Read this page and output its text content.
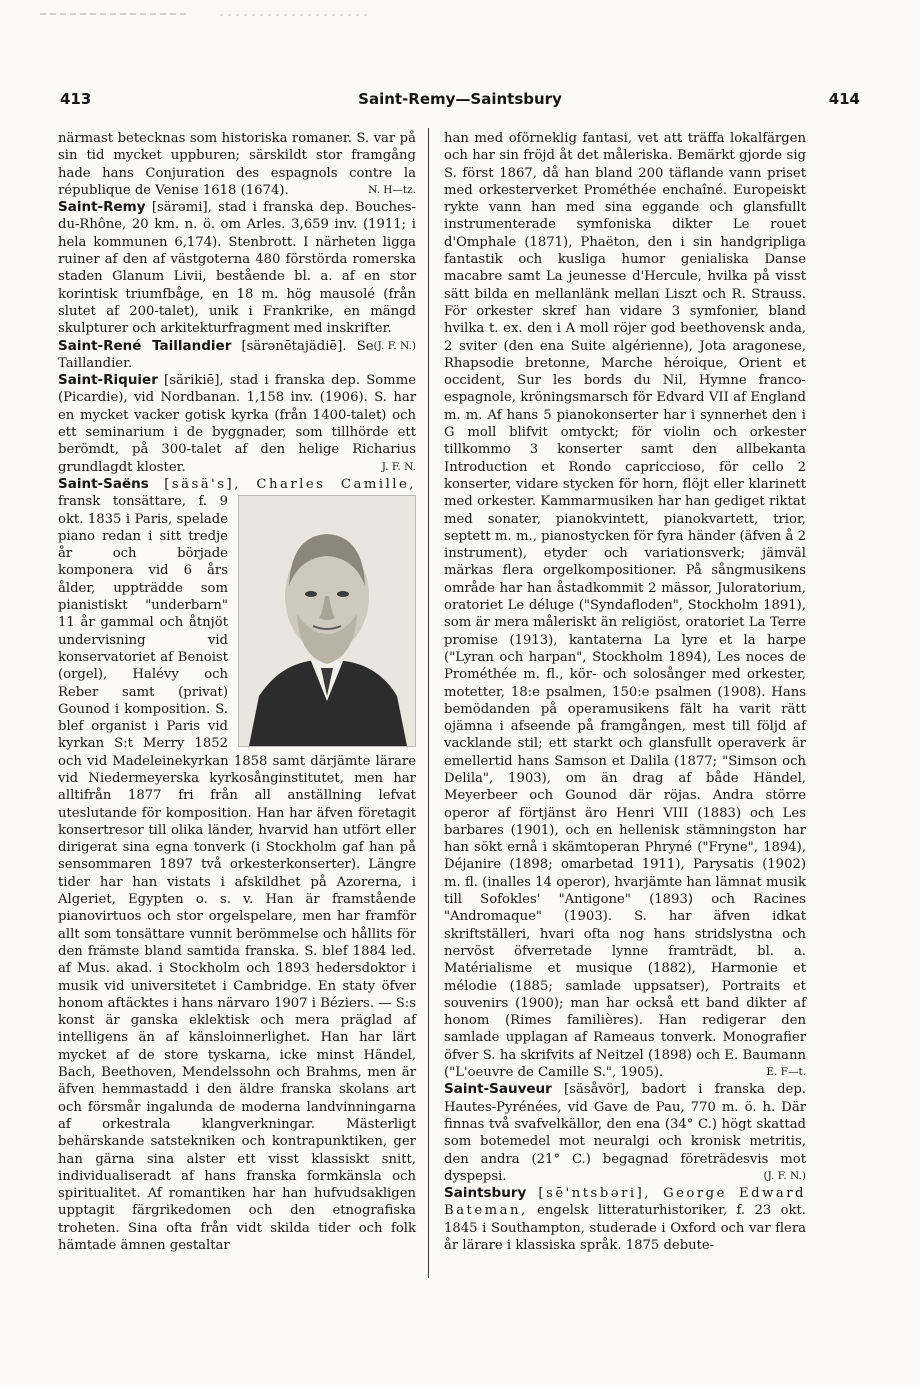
413	Saint-Remy—Saintsbury	414

närmast betecknas som historiska romaner. S. var på sin tid mycket uppburen; särskildt stor framgång hade hans Conjuration des espagnols contre la république de Venise 1618 (1674).	N. H—tz.

Saint-Remy [särəmi], stad i franska dep. Bouches-du-Rhône, 20 km. n. ö. om Arles. 3,659 inv. (1911; i hela kommunen 6,174). Stenbrott. I närheten ligga ruiner af den af västgoterna 480 förstörda romerska staden Glanum Livii, bestående bl. a. af en stor korintisk triumfbåge, en 18 m. hög mausolé (från slutet af 200-talet), unik i Frankrike, en mängd skulpturer och arkitekturfragment med inskrifter.
(J. F. N.)

Saint-René Taillandier [särənētajädiē]. Se Taillandier.

Saint-Riquier [särikiē], stad i franska dep. Somme (Picardie), vid Nordbanan. 1,158 inv. (1906). S. har en mycket vacker gotisk kyrka (från 1400-talet) och ett seminarium i de byggnader, som tillhörde ett berömdt, på 300-talet af den helige Richarius grundlagdt kloster.	J. F. N.

Saint-Saëns [säsä's], Charles Camille,
fransk tonsättare, f. 9 okt. 1835 i Paris, spelade piano redan i sitt tredje år och började komponera vid 6 års ålder, uppträdde som pianistiskt "underbarn" 11 år gammal och åtnjöt undervisning vid konservatoriet af Benoist (orgel), Halévy och Reber samt (privat) Gounod i komposition. S. blef organist i Paris vid kyrkan S:t Merry 1852 och vid Madeleinekyrkan 1858 samt därjämte lärare vid Niedermeyerska kyrkosånginstitutet, men har alltifrån 1877 fri från all anställning lefvat uteslutande för komposition. Han har äfven företagit konsertresor till olika länder, hvarvid han utfört eller dirigerat sina egna tonverk (i Stockholm gaf han på sensommaren 1897 två orkesterkonserter). Längre tider har han vistats i afskildhet på Azorerna, i Algeriet, Egypten o. s. v. Han är framstående pianovirtuos och stor orgelspelare, men har framför allt som tonsättare vunnit berömmelse och hållits för den främste bland samtida franska. S. blef 1884 led. af Mus. akad. i Stockholm och 1893 hedersdoktor i musik vid universitetet i Cambridge. En staty öfver honom aftäcktes i hans närvaro 1907 i Béziers. — S:s konst är ganska eklektisk och mera präglad af intelligens än af känsloinnerlighet. Han har lärt mycket af de store tyskarna, icke minst Händel, Bach, Beethoven, Mendelssohn och Brahms, men är äfven hemmastadd i den äldre franska skolans art och försmår ingalunda de moderna landvinningarna af orkestrala klangverkningar. Mästerligt behärskande satstekniken och kontrapunktiken, ger han gärna sina alster ett visst klassiskt snitt, individualiseradt af hans franska formkänsla och spiritualitet. Af romantiken har han hufvudsakligen upptagit färgrikedomen och den etnografiska troheten. Sina ofta från vidt skilda tider och folk hämtade ämnen gestaltar

han med oförneklig fantasi, vet att träffa lokalfärgen och har sin fröjd åt det måleriska. Bemärkt gjorde sig S. först 1867, då han bland 200 täflande vann priset med orkesterverket Prométhée enchaîné. Europeiskt rykte vann han med sina eggande och glansfullt instrumenterade symfoniska dikter Le rouet d'Omphale (1871), Phaëton, den i sin handgripliga fantastik och kusliga humor genialiska Danse macabre samt La jeunesse d'Hercule, hvilka på visst sätt bilda en mellanlänk mellan Liszt och R. Strauss. För orkester skref han vidare 3 symfonier, bland hvilka t. ex. den i A moll röjer god beethovensk anda, 2 sviter (den ena Suite algérienne), Jota aragonese, Rhapsodie bretonne, Marche héroique, Orient et occident, Sur les bords du Nil, Hymne franco-espagnole, kröningsmarsch för Edvard VII af England m. m. Af hans 5 pianokonserter har i synnerhet den i G moll blifvit omtyckt; för violin och orkester tillkommo 3 konserter samt den allbekanta Introduction et Rondo capriccioso, för cello 2 konserter, vidare stycken för horn, flöjt eller klarinett med orkester. Kammarmusiken har han gediget riktat med sonater, pianokvintett, pianokvartett, trior, septett m. m., pianostycken för fyra händer (äfven å 2 instrument), etyder och variationsverk; jämväl märkas flera orgelkompositioner. På sångmusikens område har han åstadkommit 2 mässor, Juloratorium, oratoriet Le déluge ("Syndafloden", Stockholm 1891), som är mera måleriskt än religiöst, oratoriet La Terre promise (1913), kantaterna La lyre et la harpe ("Lyran och harpan", Stockholm 1894), Les noces de Prométhée m. fl., kör- och solosånger med orkester, motetter, 18:e psalmen, 150:e psalmen (1908). Hans bemödanden på operamusikens fält ha varit rätt ojämna i afseende på framgången, mest till följd af vacklande stil; ett starkt och glansfullt operaverk är emellertid hans Samson et Dalila (1877; "Simson och Delila", 1903), om än drag af både Händel, Meyerbeer och Gounod där röjas. Andra större operor af förtjänst äro Henri VIII (1883) och Les barbares (1901), och en hellenisk stämningston har han sökt ernå i skämtoperan Phryné ("Fryne", 1894), Déjanire (1898; omarbetad 1911), Parysatis (1902) m. fl. (inalles 14 operor), hvarjämte han lämnat musik till Sofokles' "Antigone" (1893) och Racines "Andromaque" (1903). S. har äfven idkat skriftställeri, hvari ofta nog hans stridslystna och nervöst öfverretade lynne framträdt, bl. a. Matérialisme et musique (1882), Harmonie et mélodie (1885; samlade uppsatser), Portraits et souvenirs (1900); man har också ett band dikter af honom (Rimes familières). Han redigerar den samlade upplagan af Rameaus tonverk. Monografier öfver S. ha skrifvits af Neitzel (1898) och E. Baumann ("L'oeuvre de Camille S.", 1905).	E. F—t.

Saint-Sauveur [säsåvör], badort i franska dep. Hautes-Pyrénées, vid Gave de Pau, 770 m. ö. h. Där finnas två svafvelkällor, den ena (34° C.) högt skattad som botemedel mot neuralgi och kronisk metritis, den andra (21° C.) begagnad företrädesvis mot dyspepsi.	(J. F. N.)

Saintsbury [sē'ntsbəri], George Edward Bateman, engelsk litteraturhistoriker, f. 23 okt. 1845 i Southampton, studerade i Oxford och var flera år lärare i klassiska språk. 1875 debute-
